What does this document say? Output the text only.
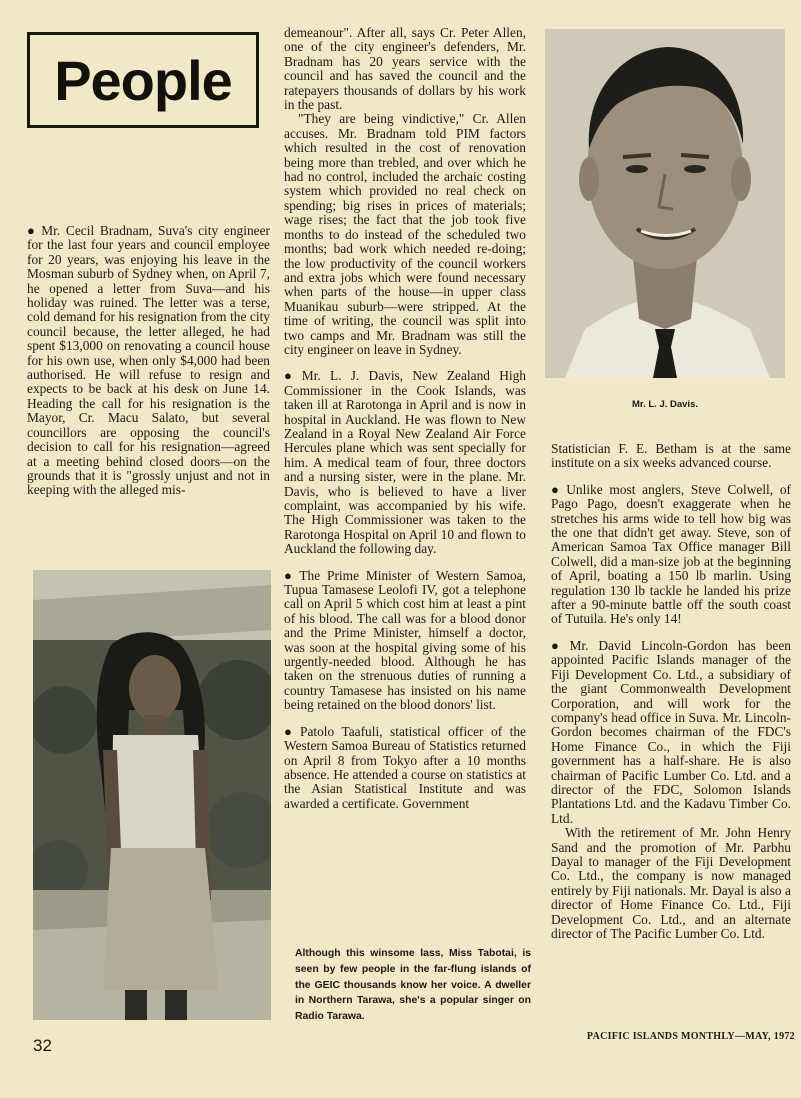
People

● Mr. Cecil Bradnam, Suva's city engineer for the last four years and council employee for 20 years, was enjoying his leave in the Mosman suburb of Sydney when, on April 7, he opened a letter from Suva—and his holiday was ruined. The letter was a terse, cold demand for his resignation from the city council because, the letter alleged, he had spent $13,000 on renovating a council house for his own use, when only $4,000 had been authorised. He will refuse to resign and expects to be back at his desk on June 14. Heading the call for his resignation is the Mayor, Cr. Macu Salato, but several councillors are opposing the council's decision to call for his resignation—agreed at a meeting behind closed doors—on the grounds that it is "grossly unjust and not in keeping with the alleged mis-

demeanour". After all, says Cr. Peter Allen, one of the city engineer's defenders, Mr. Bradnam has 20 years service with the council and has saved the council and the ratepayers thousands of dollars by his work in the past.

"They are being vindictive," Cr. Allen accuses. Mr. Bradnam told PIM factors which resulted in the cost of renovation being more than trebled, and over which he had no control, included the archaic costing system which provided no real check on spending; big rises in prices of materials; wage rises; the fact that the job took five months to do instead of the scheduled two months; bad work which needed re-doing; the low productivity of the council workers and extra jobs which were found necessary when parts of the house—in upper class Muanikau suburb—were stripped. At the time of writing, the council was split into two camps and Mr. Bradnam was still the city engineer on leave in Sydney.

● Mr. L. J. Davis, New Zealand High Commissioner in the Cook Islands, was taken ill at Rarotonga in April and is now in hospital in Auckland. He was flown to New Zealand in a Royal New Zealand Air Force Hercules plane which was sent specially for him. A medical team of four, three doctors and a nursing sister, were in the plane. Mr. Davis, who is believed to have a liver complaint, was accompanied by his wife. The High Commissioner was taken to the Rarotonga Hospital on April 10 and flown to Auckland the following day.

● The Prime Minister of Western Samoa, Tupua Tamasese Leolofi IV, got a telephone call on April 5 which cost him at least a pint of his blood. The call was for a blood donor and the Prime Minister, himself a doctor, was soon at the hospital giving some of his urgently-needed blood. Although he has taken on the strenuous duties of running a country Tamasese has insisted on his name being retained on the blood donors' list.

● Patolo Taafuli, statistical officer of the Western Samoa Bureau of Statistics returned on April 8 from Tokyo after a 10 months absence. He attended a course on statistics at the Asian Statistical Institute and was awarded a certificate. Government

Although this winsome lass, Miss Tabotai, is seen by few people in the far-flung islands of the GEIC thousands know her voice. A dweller in Northern Tarawa, she's a popular singer on Radio Tarawa.
Mr. L. J. Davis.

Statistician F. E. Betham is at the same institute on a six weeks advanced course.

● Unlike most anglers, Steve Colwell, of Pago Pago, doesn't exaggerate when he stretches his arms wide to tell how big was the one that didn't get away. Steve, son of American Samoa Tax Office manager Bill Colwell, did a man-size job at the beginning of April, boating a 150 lb marlin. Using regulation 130 lb tackle he landed his prize after a 90-minute battle off the south coast of Tutuila. He's only 14!

● Mr. David Lincoln-Gordon has been appointed Pacific Islands manager of the Fiji Development Co. Ltd., a subsidiary of the giant Commonwealth Development Corporation, and will work for the company's head office in Suva. Mr. Lincoln-Gordon becomes chairman of the FDC's Home Finance Co., in which the Fiji government has a half-share. He is also chairman of Pacific Lumber Co. Ltd. and a director of the FDC, Solomon Islands Plantations Ltd. and the Kadavu Timber Co. Ltd.

With the retirement of Mr. John Henry Sand and the promotion of Mr. Parbhu Dayal to manager of the Fiji Development Co. Ltd., the company is now managed entirely by Fiji nationals. Mr. Dayal is also a director of Home Finance Co. Ltd., Fiji Development Co. Ltd., and an alternate director of The Pacific Lumber Co. Ltd.

32	PACIFIC ISLANDS MONTHLY—MAY, 1972
